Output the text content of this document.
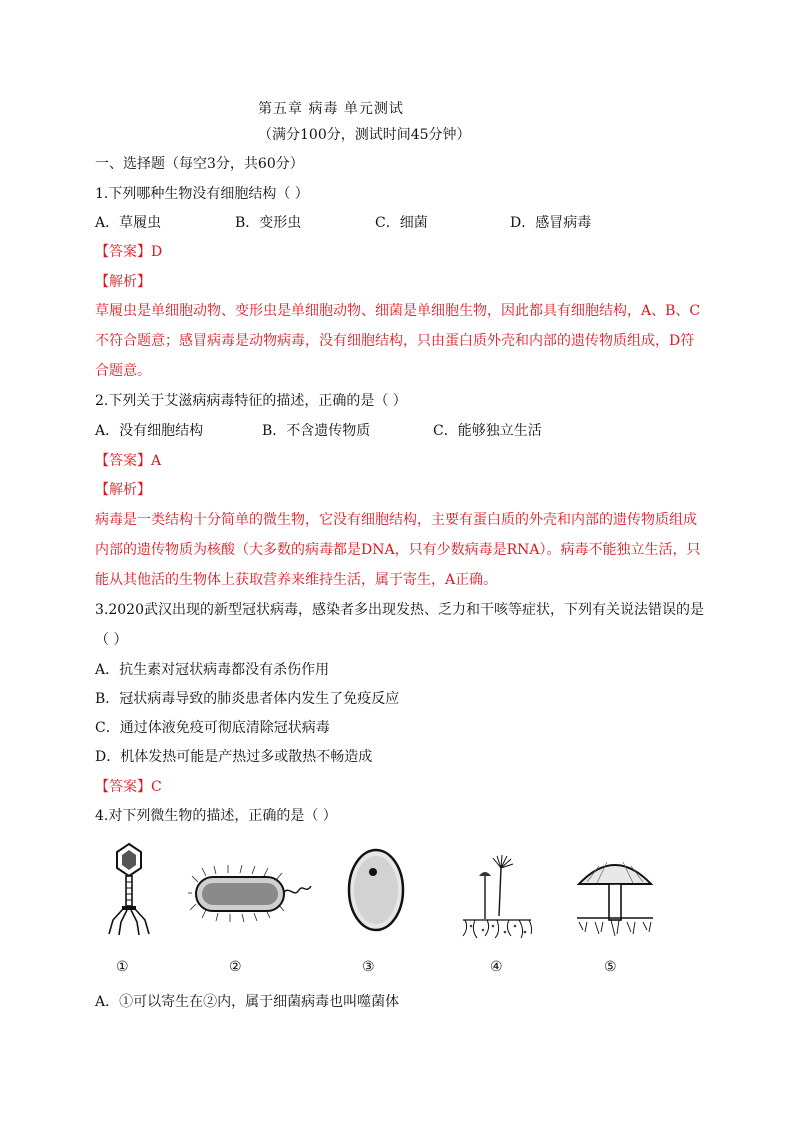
第五章 病毒 单元测试
（满分100分，测试时间45分钟）
一、选择题（每空3分，共60分）
1.下列哪种生物没有细胞结构（ ）
A．草履虫	B．变形虫	C．细菌	D．感冒病毒
【答案】D
【解析】
草履虫是单细胞动物、变形虫是单细胞动物、细菌是单细胞生物，因此都具有细胞结构，A、B、C
不符合题意；感冒病毒是动物病毒，没有细胞结构，只由蛋白质外壳和内部的遗传物质组成，D符
合题意。
2.下列关于艾滋病病毒特征的描述，正确的是（ ）
A．没有细胞结构	B．不含遗传物质	C．能够独立生活
【答案】A
【解析】
病毒是一类结构十分简单的微生物，它没有细胞结构，主要有蛋白质的外壳和内部的遗传物质组成
内部的遗传物质为核酸（大多数的病毒都是DNA，只有少数病毒是RNA）。病毒不能独立生活，只
能从其他活的生物体上获取营养来维持生活，属于寄生，A正确。
3.2020武汉出现的新型冠状病毒，感染者多出现发热、乏力和干咳等症状，下列有关说法错误的是
（ ）
A．抗生素对冠状病毒都没有杀伤作用
B．冠状病毒导致的肺炎患者体内发生了免疫反应
C．通过体液免疫可彻底清除冠状病毒
D．机体发热可能是产热过多或散热不畅造成
【答案】C
4.对下列微生物的描述，正确的是（ ）
①	②	③	④	⑤
A．①可以寄生在②内，属于细菌病毒也叫噬菌体
